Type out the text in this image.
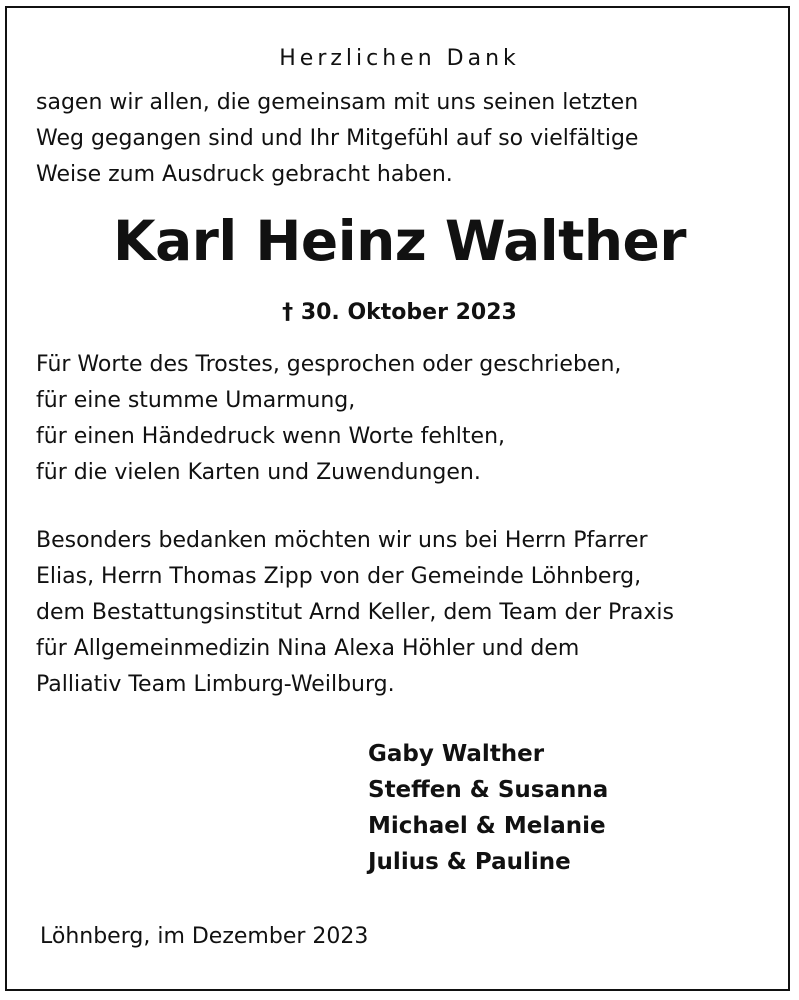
Herzlichen Dank
sagen wir allen, die gemeinsam mit uns seinen letzten
Weg gegangen sind und Ihr Mitgefühl auf so vielfältige
Weise zum Ausdruck gebracht haben.
Karl Heinz Walther
† 30. Oktober 2023
Für Worte des Trostes, gesprochen oder geschrieben,
für eine stumme Umarmung,
für einen Händedruck wenn Worte fehlten,
für die vielen Karten und Zuwendungen.
Besonders bedanken möchten wir uns bei Herrn Pfarrer
Elias, Herrn Thomas Zipp von der Gemeinde Löhnberg,
dem Bestattungsinstitut Arnd Keller, dem Team der Praxis
für Allgemeinmedizin Nina Alexa Höhler und dem
Palliativ Team Limburg-Weilburg.
Gaby Walther
Steffen & Susanna
Michael & Melanie
Julius & Pauline
Löhnberg, im Dezember 2023
